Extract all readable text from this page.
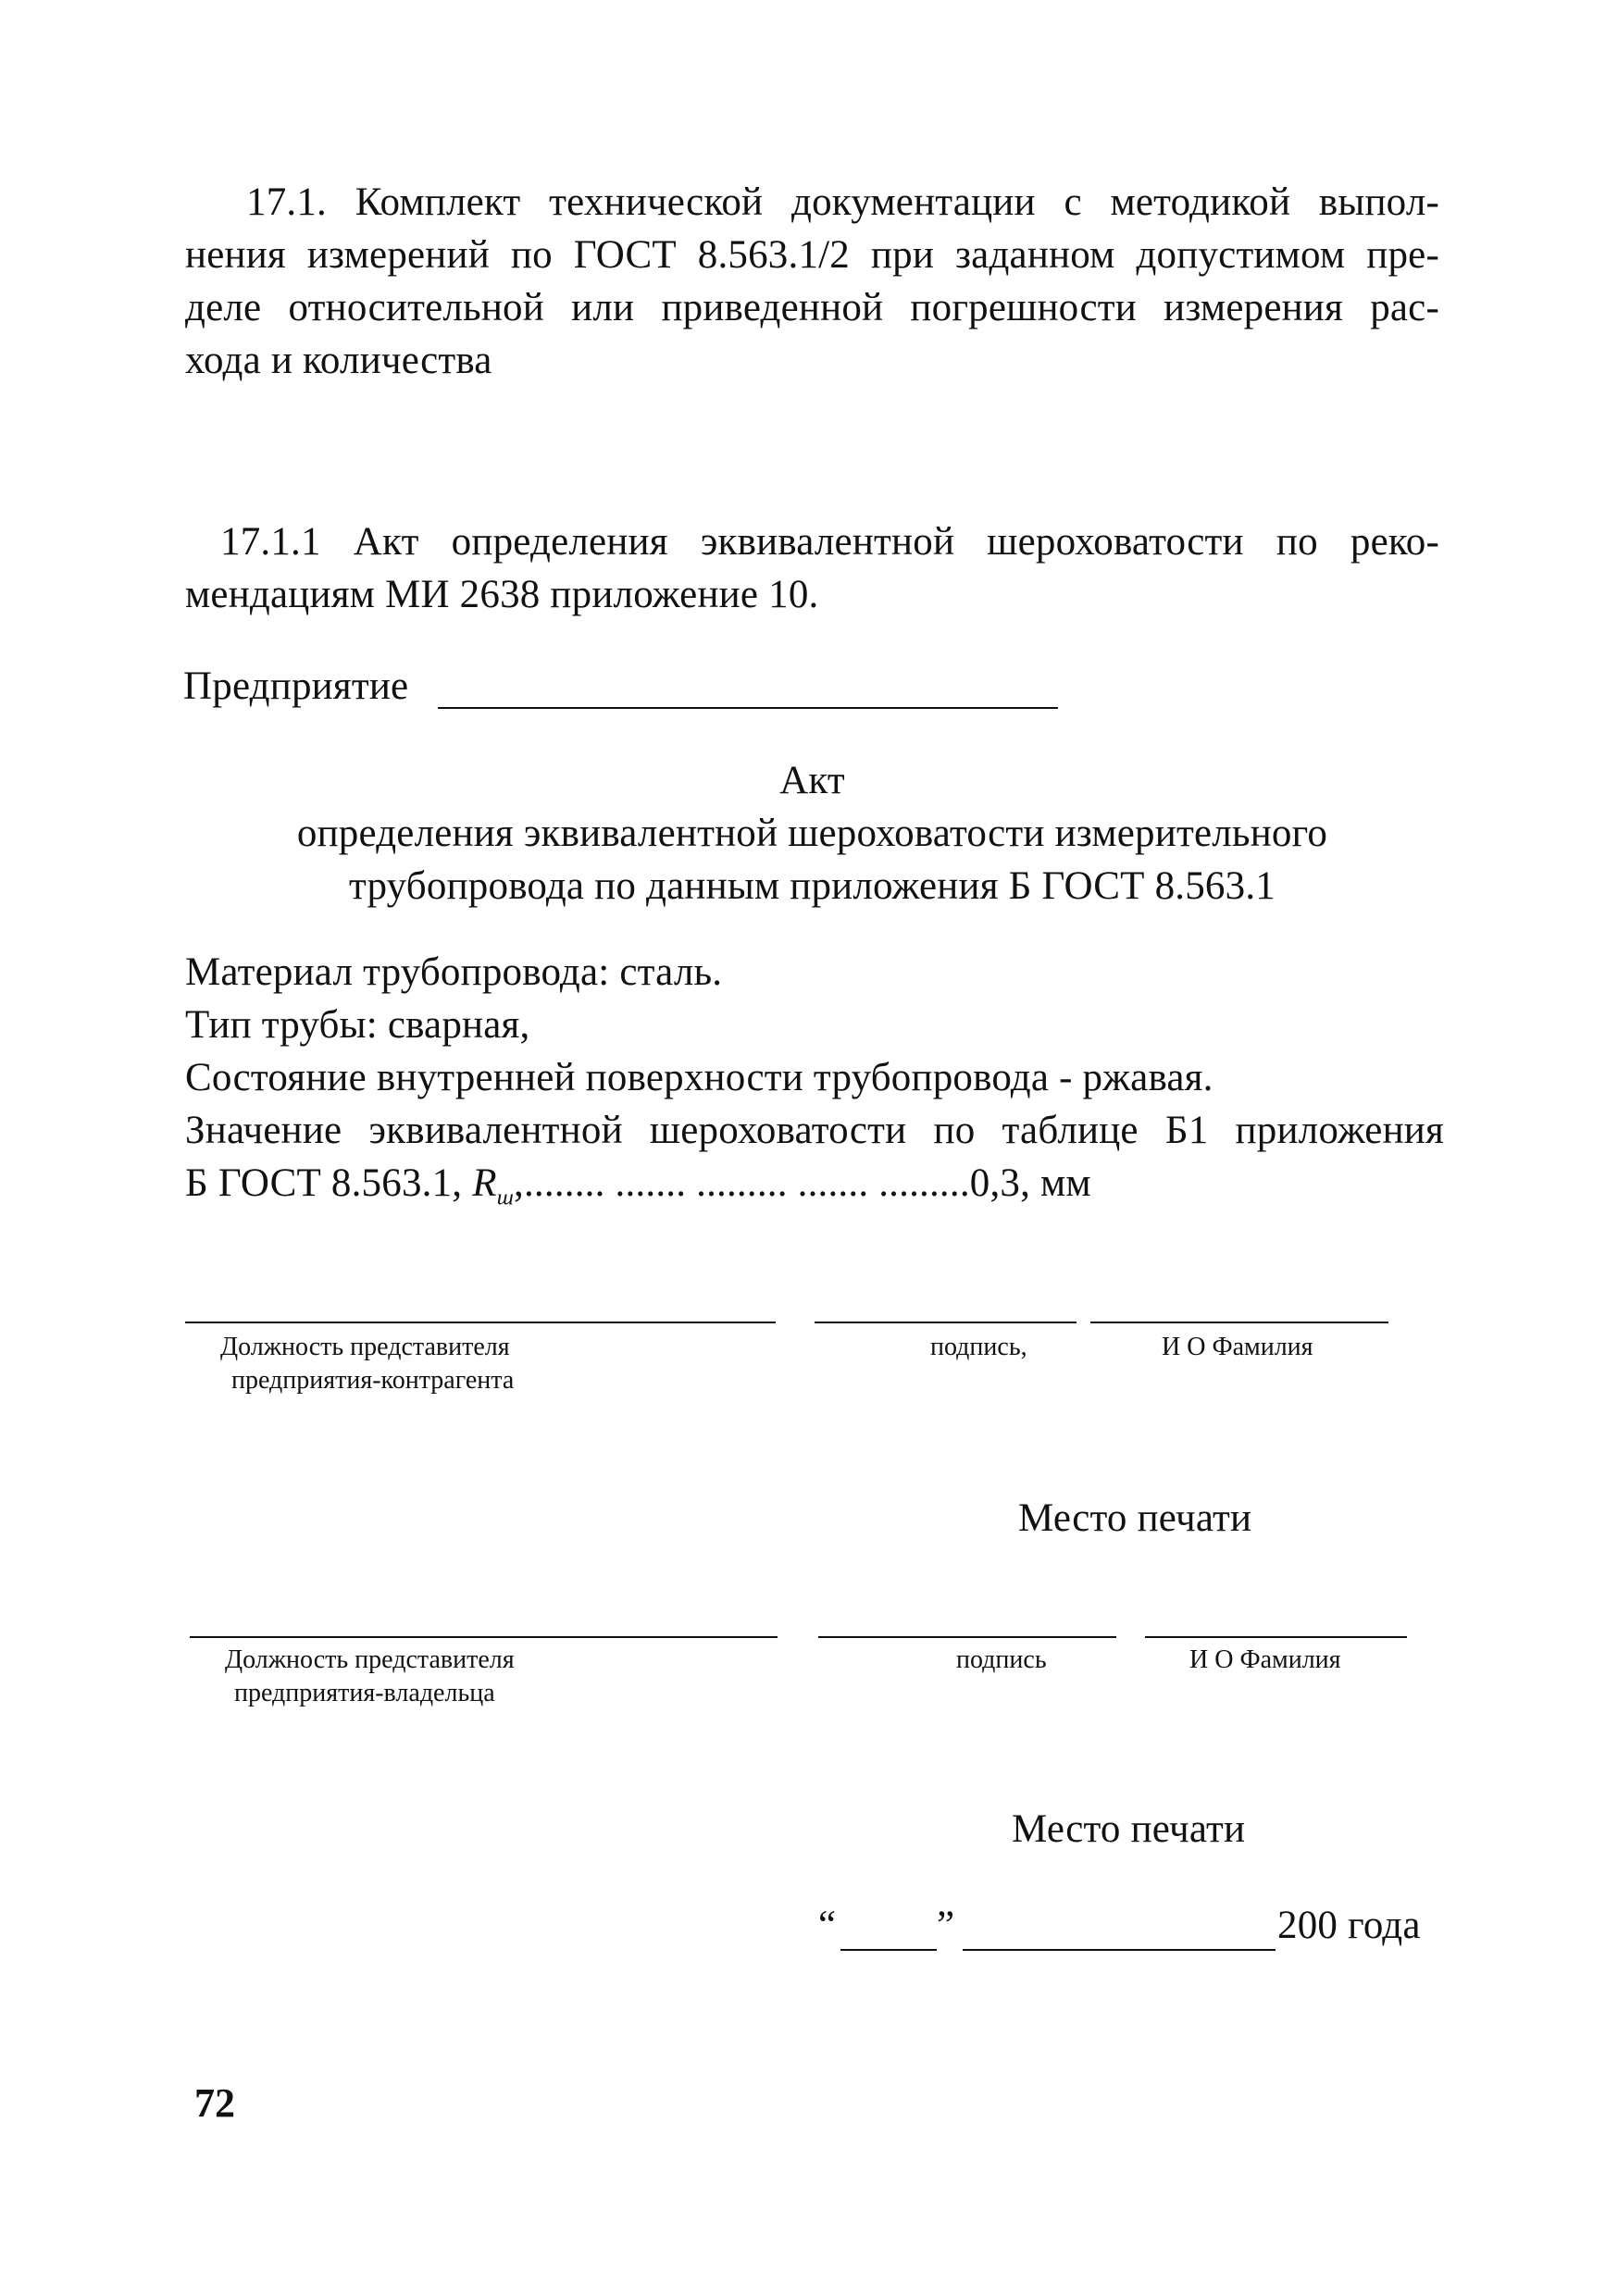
17.1. Комплект технической документации с методикой выпол-
нения измерений по ГОСТ 8.563.1/2 при заданном допустимом пре-
деле относительной или приведенной погрешности измерения рас-
хода и количества
17.1.1 Акт определения эквивалентной шероховатости по реко-
мендациям МИ 2638 приложение 10.
Предприятие
Акт
определения эквивалентной шероховатости измерительного
трубопровода по данным приложения Б ГОСТ 8.563.1
Материал трубопровода: сталь.
Тип трубы: сварная,
Состояние внутренней поверхности трубопровода - ржавая.
Значение эквивалентной шероховатости по таблице Б1 приложения
Б ГОСТ 8.563.1, $R_ш$,........ ....... ......... ....... .........0,3, мм
Должность представителя
предприятия-контрагента
подпись,	И О Фамилия
Место печати
Должность представителя
предприятия-владельца
подпись	И О Фамилия
Место печати
“	”	200 года
72
